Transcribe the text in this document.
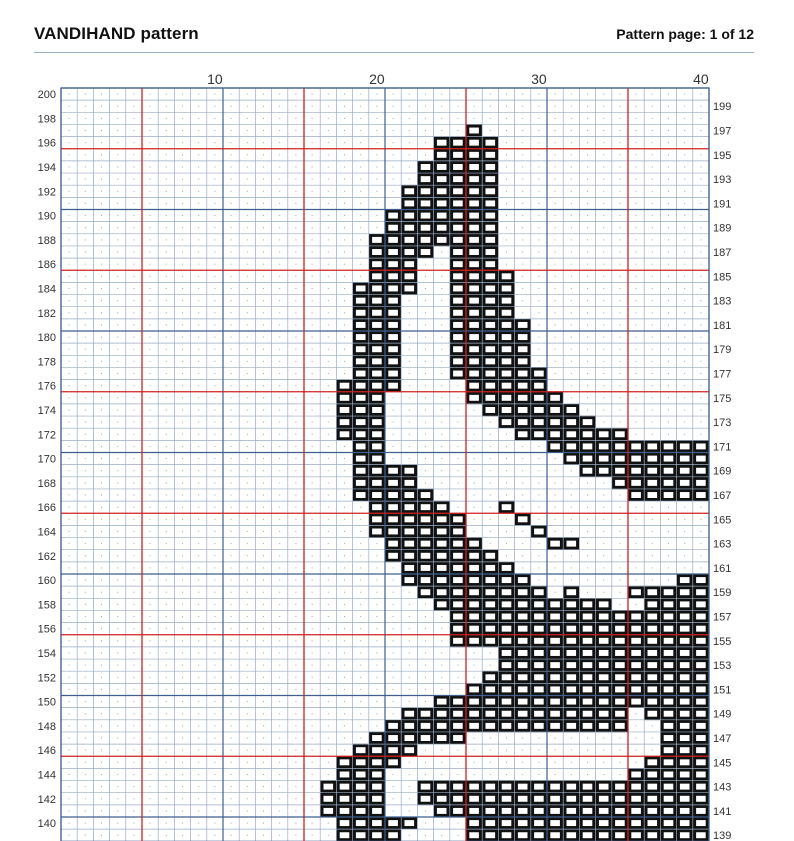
VANDIHAND pattern	Pattern page: 1 of 12
10	20	30	40
200
198
196
194
192
190
188
186
184
182
180
178
176
174
172
170
168
166
164
162
160
158
156
154
152
150
148
146
144
142
140
199
197
195
193
191
189
187
185
183
181
179
177
175
173
171
169
167
165
163
161
159
157
155
153
151
149
147
145
143
141
139
